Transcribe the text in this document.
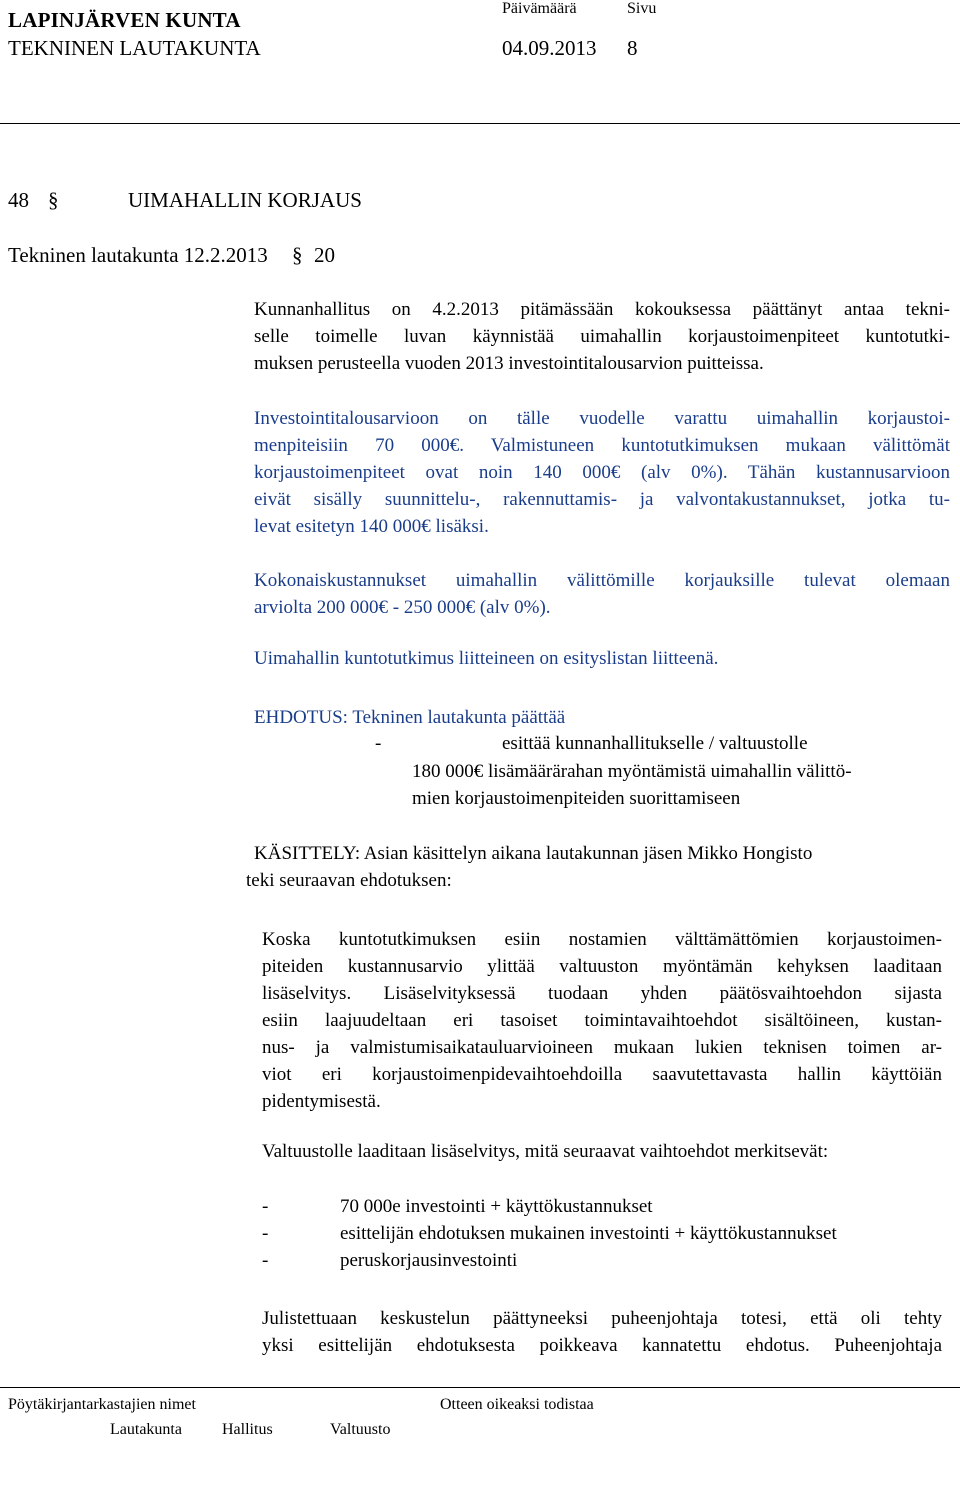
LAPINJÄRVEN KUNTA
TEKNINEN LAUTAKUNTA
Päivämäärä	Sivu
04.09.2013 8
48 §	UIMAHALLIN KORJAUS
Tekninen lautakunta 12.2.2013 § 20
Kunnanhallitus on 4.2.2013 pitämässään kokouksessa päättänyt antaa tekni-
selle toimelle luvan käynnistää uimahallin korjaustoimenpiteet kuntotutki-
muksen perusteella vuoden 2013 investointitalousarvion puitteissa.
Investointitalousarvioon on tälle vuodelle varattu uimahallin korjaustoi-
menpiteisiin 70 000€. Valmistuneen kuntotutkimuksen mukaan välittömät
korjaustoimenpiteet ovat noin 140 000€ (alv 0%). Tähän kustannusarvioon
eivät sisälly suunnittelu-, rakennuttamis- ja valvontakustannukset, jotka tu-
levat esitetyn 140 000€ lisäksi.
Kokonaiskustannukset uimahallin välittömille korjauksille tulevat olemaan
arviolta 200 000€ - 250 000€ (alv 0%).
Uimahallin kuntotutkimus liitteineen on esityslistan liitteenä.
EHDOTUS: Tekninen lautakunta päättää
-	esittää kunnanhallitukselle / valtuustolle
180 000€ lisämäärärahan myöntämistä uimahallin välittö-
mien korjaustoimenpiteiden suorittamiseen
KÄSITTELY: Asian käsittelyn aikana lautakunnan jäsen Mikko Hongisto
teki seuraavan ehdotuksen:
Koska kuntotutkimuksen esiin nostamien välttämättömien korjaustoimen-
piteiden kustannusarvio ylittää valtuuston myöntämän kehyksen laaditaan
lisäselvitys. Lisäselvityksessä tuodaan yhden päätösvaihtoehdon sijasta
esiin laajuudeltaan eri tasoiset toimintavaihtoehdot sisältöineen, kustan-
nus- ja valmistumisaikatauluarvioineen mukaan lukien teknisen toimen ar-
viot eri korjaustoimenpidevaihtoehdoilla saavutettavasta hallin käyttöiän
pidentymisestä.
Valtuustolle laaditaan lisäselvitys, mitä seuraavat vaihtoehdot merkitsevät:
-	70 000e investointi + käyttökustannukset
-	esittelijän ehdotuksen mukainen investointi + käyttökustannukset
-	peruskorjausinvestointi
Julistettuaan keskustelun päättyneeksi puheenjohtaja totesi, että oli tehty
yksi esittelijän ehdotuksesta poikkeava kannatettu ehdotus. Puheenjohtaja
Pöytäkirjantarkastajien nimet	Otteen oikeaksi todistaa
Lautakunta	Hallitus	Valtuusto
